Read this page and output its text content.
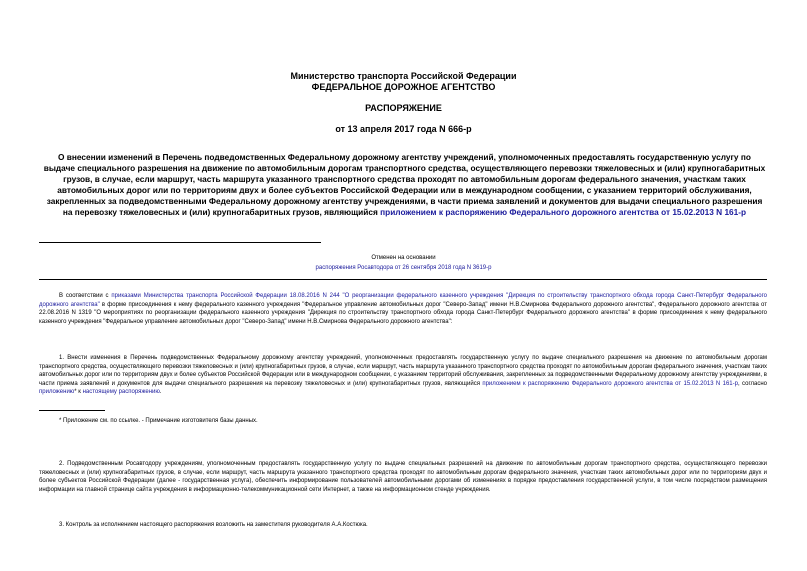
Министерство транспорта Российской Федерации
ФЕДЕРАЛЬНОЕ ДОРОЖНОЕ АГЕНТСТВО
РАСПОРЯЖЕНИЕ
от 13 апреля 2017 года N 666-р
О внесении изменений в Перечень подведомственных Федеральному дорожному агентству учреждений, уполномоченных предоставлять государственную услугу по выдаче специального разрешения на движение по автомобильным дорогам транспортного средства, осуществляющего перевозки тяжеловесных и (или) крупногабаритных грузов, в случае, если маршрут, часть маршрута указанного транспортного средства проходят по автомобильным дорогам федерального значения, участкам таких автомобильных дорог или по территориям двух и более субъектов Российской Федерации или в международном сообщении, с указанием территорий обслуживания, закрепленных за подведомственными Федеральному дорожному агентству учреждениями, в части приема заявлений и документов для выдачи специального разрешения на перевозку тяжеловесных и (или) крупногабаритных грузов, являющийся приложением к распоряжению Федерального дорожного агентства от 15.02.2013 N 161-р
Отменен на основании
распоряжения Росавтодора от 26 сентября 2018 года N 3619-р
В соответствии с приказами Министерства транспорта Российской Федерации 18.08.2016 N 244 "О реорганизации федерального казенного учреждения "Дирекция по строительству транспортного обхода города Санкт-Петербург Федерального дорожного агентства" в форме присоединения к нему федерального казенного учреждения "Федеральное управление автомобильных дорог "Северо-Запад" имени Н.В.Смирнова Федерального дорожного агентства", Федерального дорожного агентства от 22.08.2016 N 1319 "О мероприятиях по реорганизации федерального казенного учреждения "Дирекция по строительству транспортного обхода города Санкт-Петербург Федерального дорожного агентства" в форме присоединения к нему федерального казенного учреждения "Федеральное управление автомобильных дорог "Северо-Запад" имени Н.В.Смирнова Федерального дорожного агентства":
1. Внести изменения в Перечень подведомственных Федеральному дорожному агентству учреждений, уполномоченных предоставлять государственную услугу по выдаче специального разрешения на движение по автомобильным дорогам транспортного средства, осуществляющего перевозки тяжеловесных и (или) крупногабаритных грузов, в случае, если маршрут, часть маршрута указанного транспортного средства проходят по автомобильным дорогам федерального значения, участкам таких автомобильных дорог или по территориям двух и более субъектов Российской Федерации или в международном сообщении, с указанием территорий обслуживания, закрепленных за подведомственными Федеральному дорожному агентству учреждениями, в части приема заявлений и документов для выдачи специального разрешения на перевозку тяжеловесных и (или) крупногабаритных грузов, являющийся приложением к распоряжению Федерального дорожного агентства от 15.02.2013 N 161-р, согласно приложению* к настоящему распоряжению.
* Приложение см. по ссылке. - Примечание изготовителя базы данных.
2. Подведомственным Росавтодору учреждениям, уполномоченным предоставлять государственную услугу по выдаче специальных разрешений на движение по автомобильным дорогам транспортного средства, осуществляющего перевозки тяжеловесных и (или) крупногабаритных грузов, в случае, если маршрут, часть маршрута указанного транспортного средства проходят по автомобильным дорогам федерального значения, участкам таких автомобильных дорог или по территориям двух и более субъектов Российской Федерации (далее - государственная услуга), обеспечить информирование пользователей автомобильными дорогами об изменениях в порядке предоставления государственной услуги, в том числе посредством размещения информации на главной странице сайта учреждения в информационно-телекоммуникационной сети Интернет, а также на информационном стенде учреждения.
3. Контроль за исполнением настоящего распоряжения возложить на заместителя руководителя А.А.Костюка.
